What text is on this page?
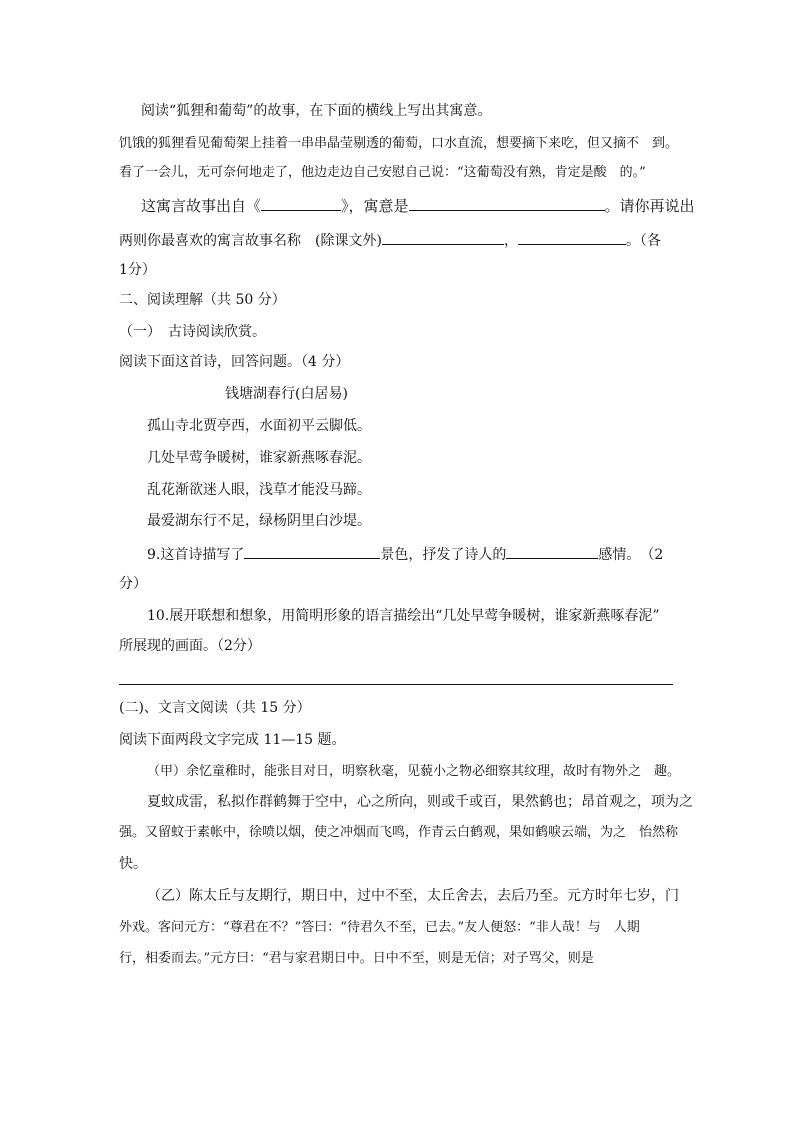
阅读“狐狸和葡萄”的故事，在下面的横线上写出其寓意。
饥饿的狐狸看见葡萄架上挂着一串串晶莹剔透的葡萄，口水直流，想要摘下来吃，但又摘不　到。
看了一会儿，无可奈何地走了，他边走边自己安慰自己说：“这葡萄没有熟，肯定是酸　的。”
这寓言故事出自《	》，寓意是	。请你再说出
两则你最喜欢的寓言故事名称　(除课文外)	，	。（各
1分）
二、阅读理解（共 50 分）
（一）　古诗阅读欣赏。
阅读下面这首诗，回答问题。（4 分）
钱塘湖春行(白居易)
孤山寺北贾亭西，水面初平云脚低。
几处早莺争暖树，谁家新燕啄春泥。
乱花渐欲迷人眼，浅草才能没马蹄。
最爱湖东行不足，绿杨阴里白沙堤。
9.这首诗描写了	景色，抒发了诗人的	感情。　（2
分）
10.展开联想和想象，用简明形象的语言描绘出“几处早莺争暖树，谁家新燕啄春泥”
所展现的画面。（2分）
(二)、文言文阅读（共 15 分）
阅读下面两段文字完成 11—15 题。
（甲）余忆童稚时，能张目对日，明察秋毫，见藐小之物必细察其纹理，故时有物外之　趣。
夏蚊成雷，私拟作群鹤舞于空中，心之所向，则或千或百，果然鹤也；昂首观之，项为之
强。又留蚊于素帐中，徐喷以烟，使之冲烟而飞鸣，作青云白鹤观，果如鹤唳云端，为之　怡然称
快。
（乙）陈太丘与友期行，期日中，过中不至，太丘舍去，去后乃至。元方时年七岁，门
外戏。客问元方：“尊君在不？”答曰：“待君久不至，已去。”友人便怒：“非人哉！与　人期
行，相委而去。”元方曰：“君与家君期日中。日中不至，则是无信；对子骂父，则是
